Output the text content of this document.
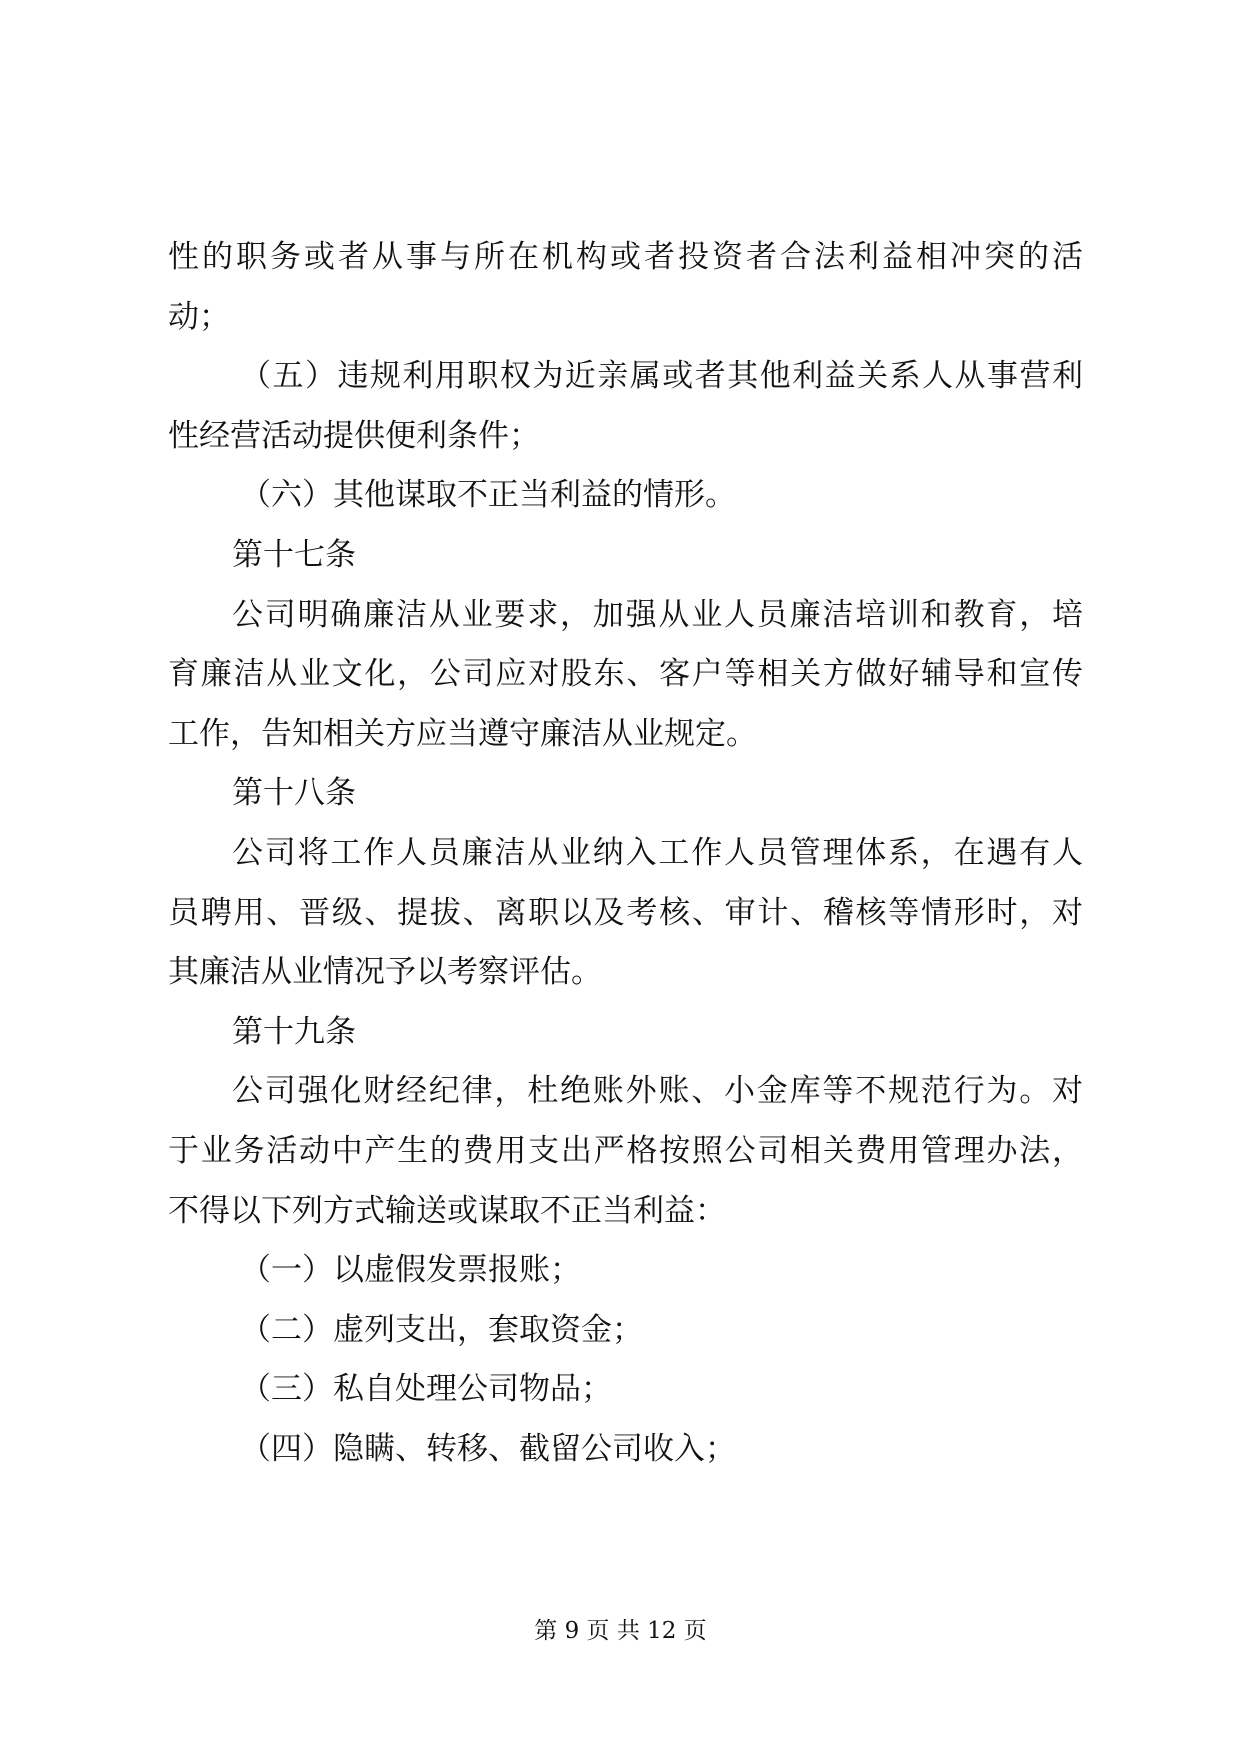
性的职务或者从事与所在机构或者投资者合法利益相冲突的活
动；
（五）违规利用职权为近亲属或者其他利益关系人从事营利
性经营活动提供便利条件；
（六）其他谋取不正当利益的情形。
第十七条
公司明确廉洁从业要求，加强从业人员廉洁培训和教育，培
育廉洁从业文化，公司应对股东、客户等相关方做好辅导和宣传
工作，告知相关方应当遵守廉洁从业规定。
第十八条
公司将工作人员廉洁从业纳入工作人员管理体系，在遇有人
员聘用、晋级、提拔、离职以及考核、审计、稽核等情形时，对
其廉洁从业情况予以考察评估。
第十九条
公司强化财经纪律，杜绝账外账、小金库等不规范行为。对
于业务活动中产生的费用支出严格按照公司相关费用管理办法，
不得以下列方式输送或谋取不正当利益：
（一）以虚假发票报账；
（二）虚列支出，套取资金；
（三）私自处理公司物品；
（四）隐瞒、转移、截留公司收入；
第 9 页 共 12 页
